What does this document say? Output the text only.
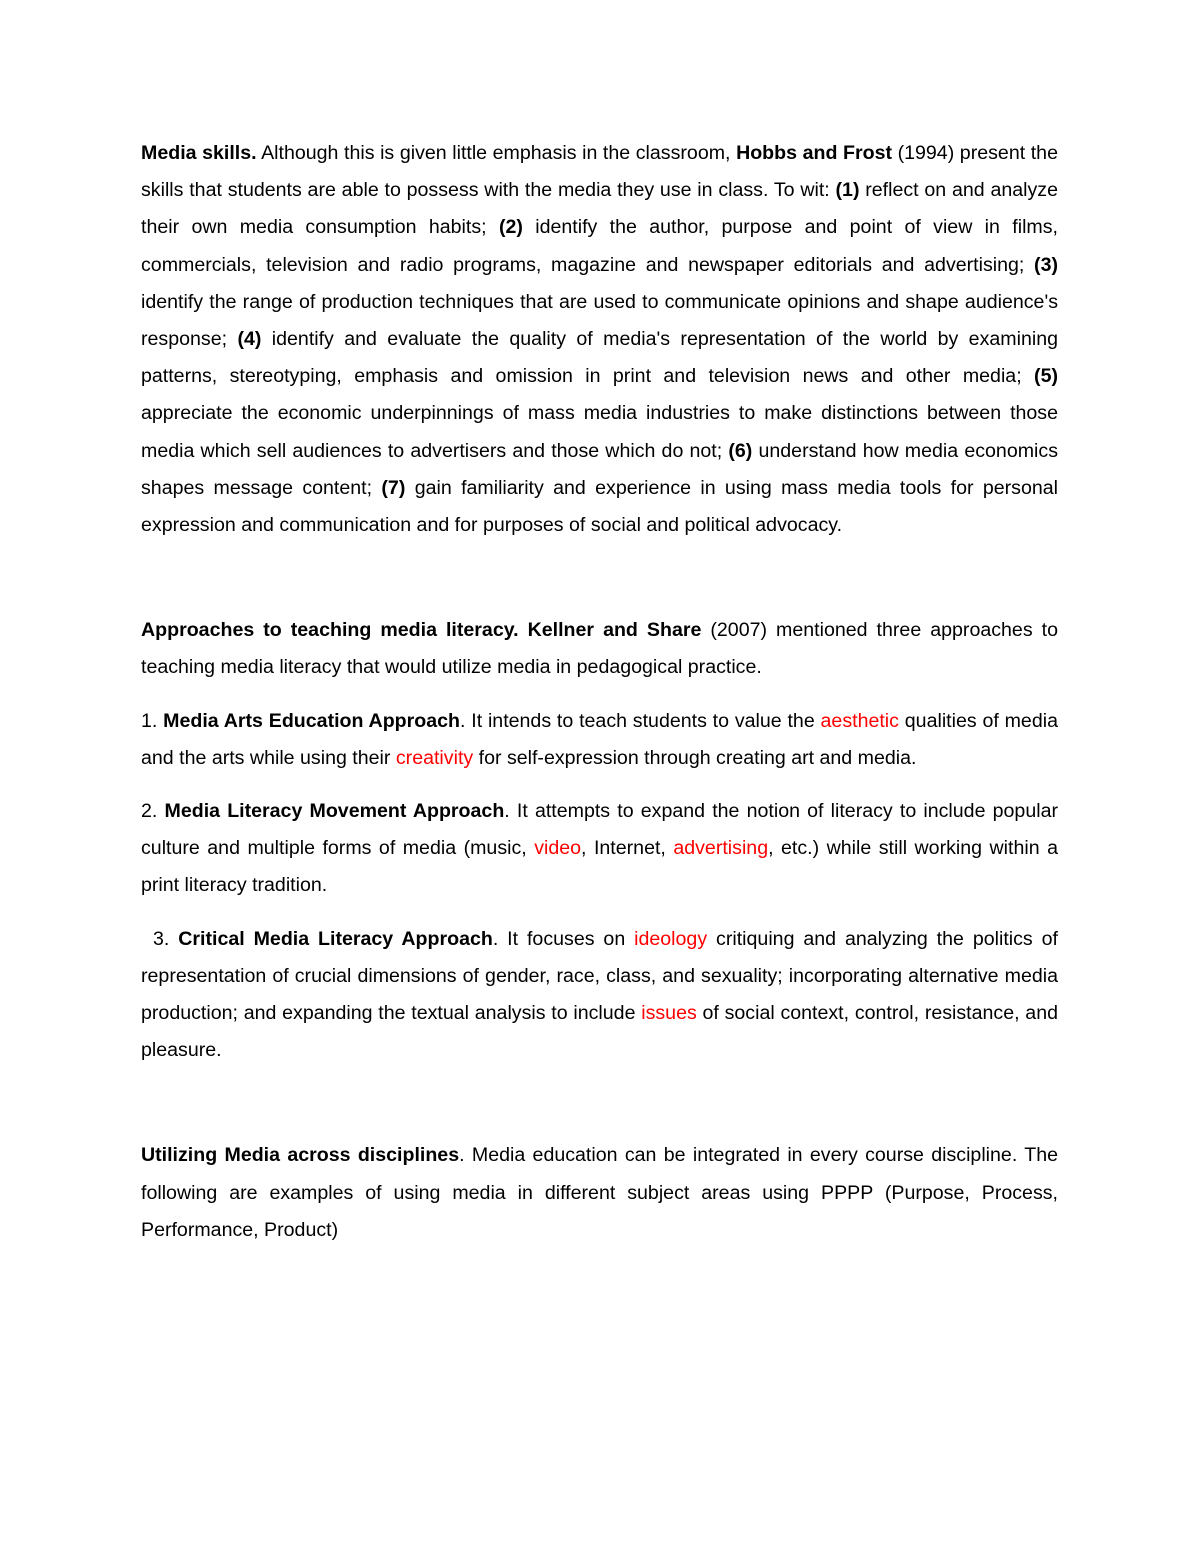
Media skills. Although this is given little emphasis in the classroom, Hobbs and Frost (1994) present the skills that students are able to possess with the media they use in class. To wit: (1) reflect on and analyze their own media consumption habits; (2) identify the author, purpose and point of view in films, commercials, television and radio programs, magazine and newspaper editorials and advertising; (3) identify the range of production techniques that are used to communicate opinions and shape audience's response; (4) identify and evaluate the quality of media's representation of the world by examining patterns, stereotyping, emphasis and omission in print and television news and other media; (5) appreciate the economic underpinnings of mass media industries to make distinctions between those media which sell audiences to advertisers and those which do not; (6) understand how media economics shapes message content; (7) gain familiarity and experience in using mass media tools for personal expression and communication and for purposes of social and political advocacy.

Approaches to teaching media literacy. Kellner and Share (2007) mentioned three approaches to teaching media literacy that would utilize media in pedagogical practice.

1. Media Arts Education Approach. It intends to teach students to value the aesthetic qualities of media and the arts while using their creativity for self-expression through creating art and media.

2. Media Literacy Movement Approach. It attempts to expand the notion of literacy to include popular culture and multiple forms of media (music, video, Internet, advertising, etc.) while still working within a print literacy tradition.

3. Critical Media Literacy Approach. It focuses on ideology critiquing and analyzing the politics of representation of crucial dimensions of gender, race, class, and sexuality; incorporating alternative media production; and expanding the textual analysis to include issues of social context, control, resistance, and pleasure.

Utilizing Media across disciplines. Media education can be integrated in every course discipline. The following are examples of using media in different subject areas using PPPP (Purpose, Process, Performance, Product)
